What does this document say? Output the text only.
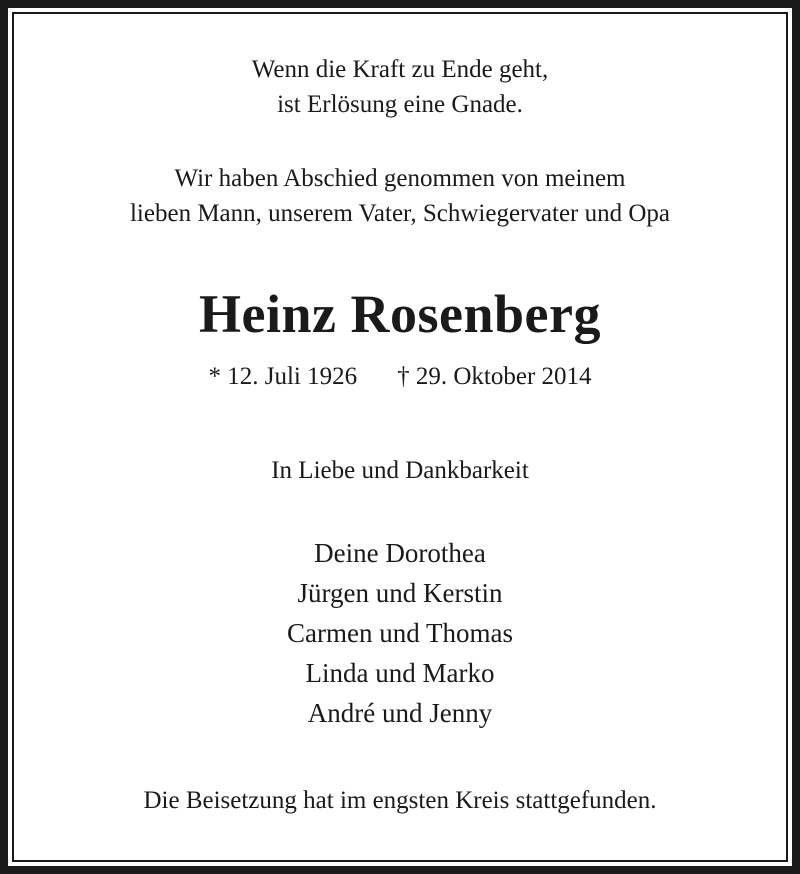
Wenn die Kraft zu Ende geht,
ist Erlösung eine Gnade.
Wir haben Abschied genommen von meinem
lieben Mann, unserem Vater, Schwiegervater und Opa
Heinz Rosenberg
* 12. Juli 1926 † 29. Oktober 2014
In Liebe und Dankbarkeit
Deine Dorothea
Jürgen und Kerstin
Carmen und Thomas
Linda und Marko
André und Jenny
Die Beisetzung hat im engsten Kreis stattgefunden.
